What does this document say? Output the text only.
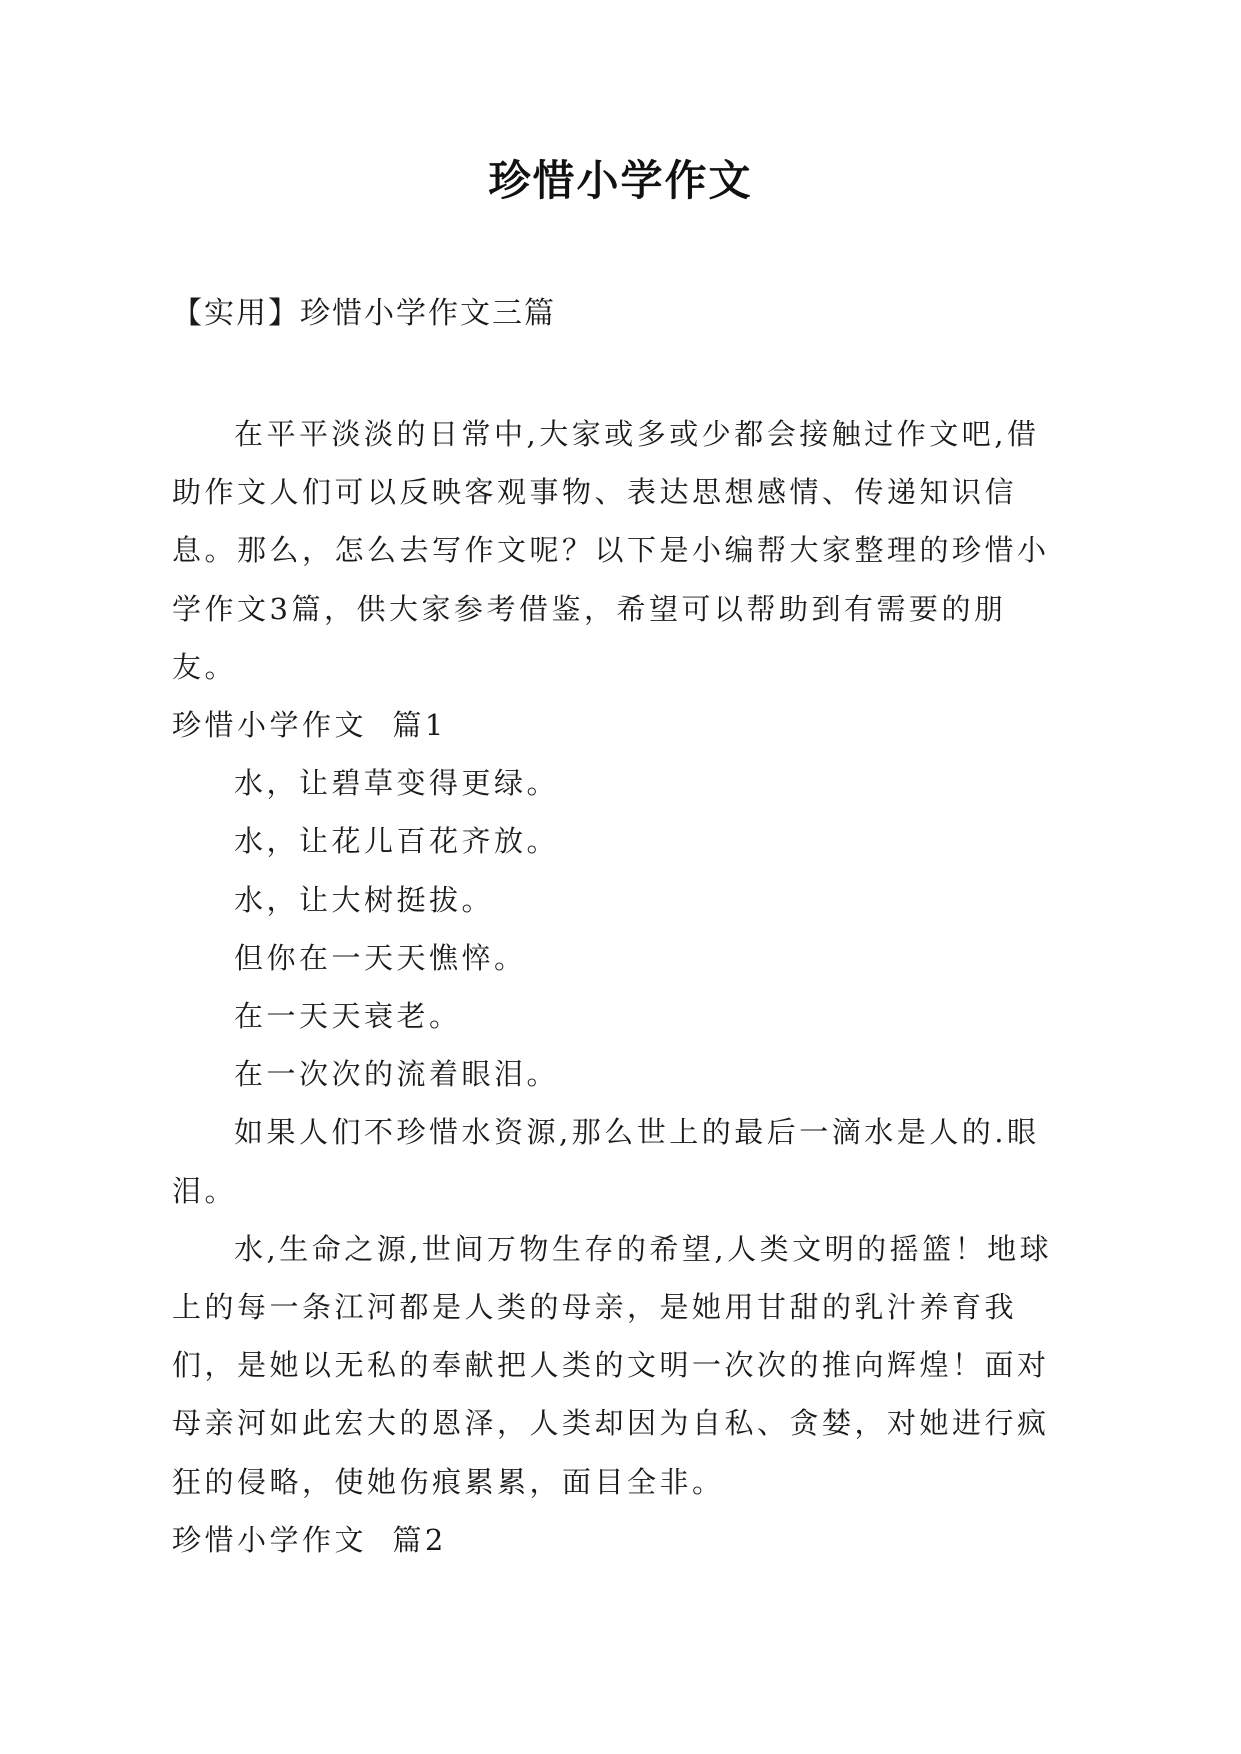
珍惜小学作文
【实用】珍惜小学作文三篇

在平平淡淡的日常中,大家或多或少都会接触过作文吧,借助作文人们可以反映客观事物、表达思想感情、传递知识信息。那么，怎么去写作文呢？以下是小编帮大家整理的珍惜小学作文3篇，供大家参考借鉴，希望可以帮助到有需要的朋友。

珍惜小学作文  篇1

水，让碧草变得更绿。

水，让花儿百花齐放。

水，让大树挺拔。

但你在一天天憔悴。

在一天天衰老。

在一次次的流着眼泪。

如果人们不珍惜水资源,那么世上的最后一滴水是人的.眼泪。

水,生命之源,世间万物生存的希望,人类文明的摇篮！地球上的每一条江河都是人类的母亲，是她用甘甜的乳汁养育我们，是她以无私的奉献把人类的文明一次次的推向辉煌！面对母亲河如此宏大的恩泽，人类却因为自私、贪婪，对她进行疯狂的侵略，使她伤痕累累，面目全非。

珍惜小学作文  篇2
